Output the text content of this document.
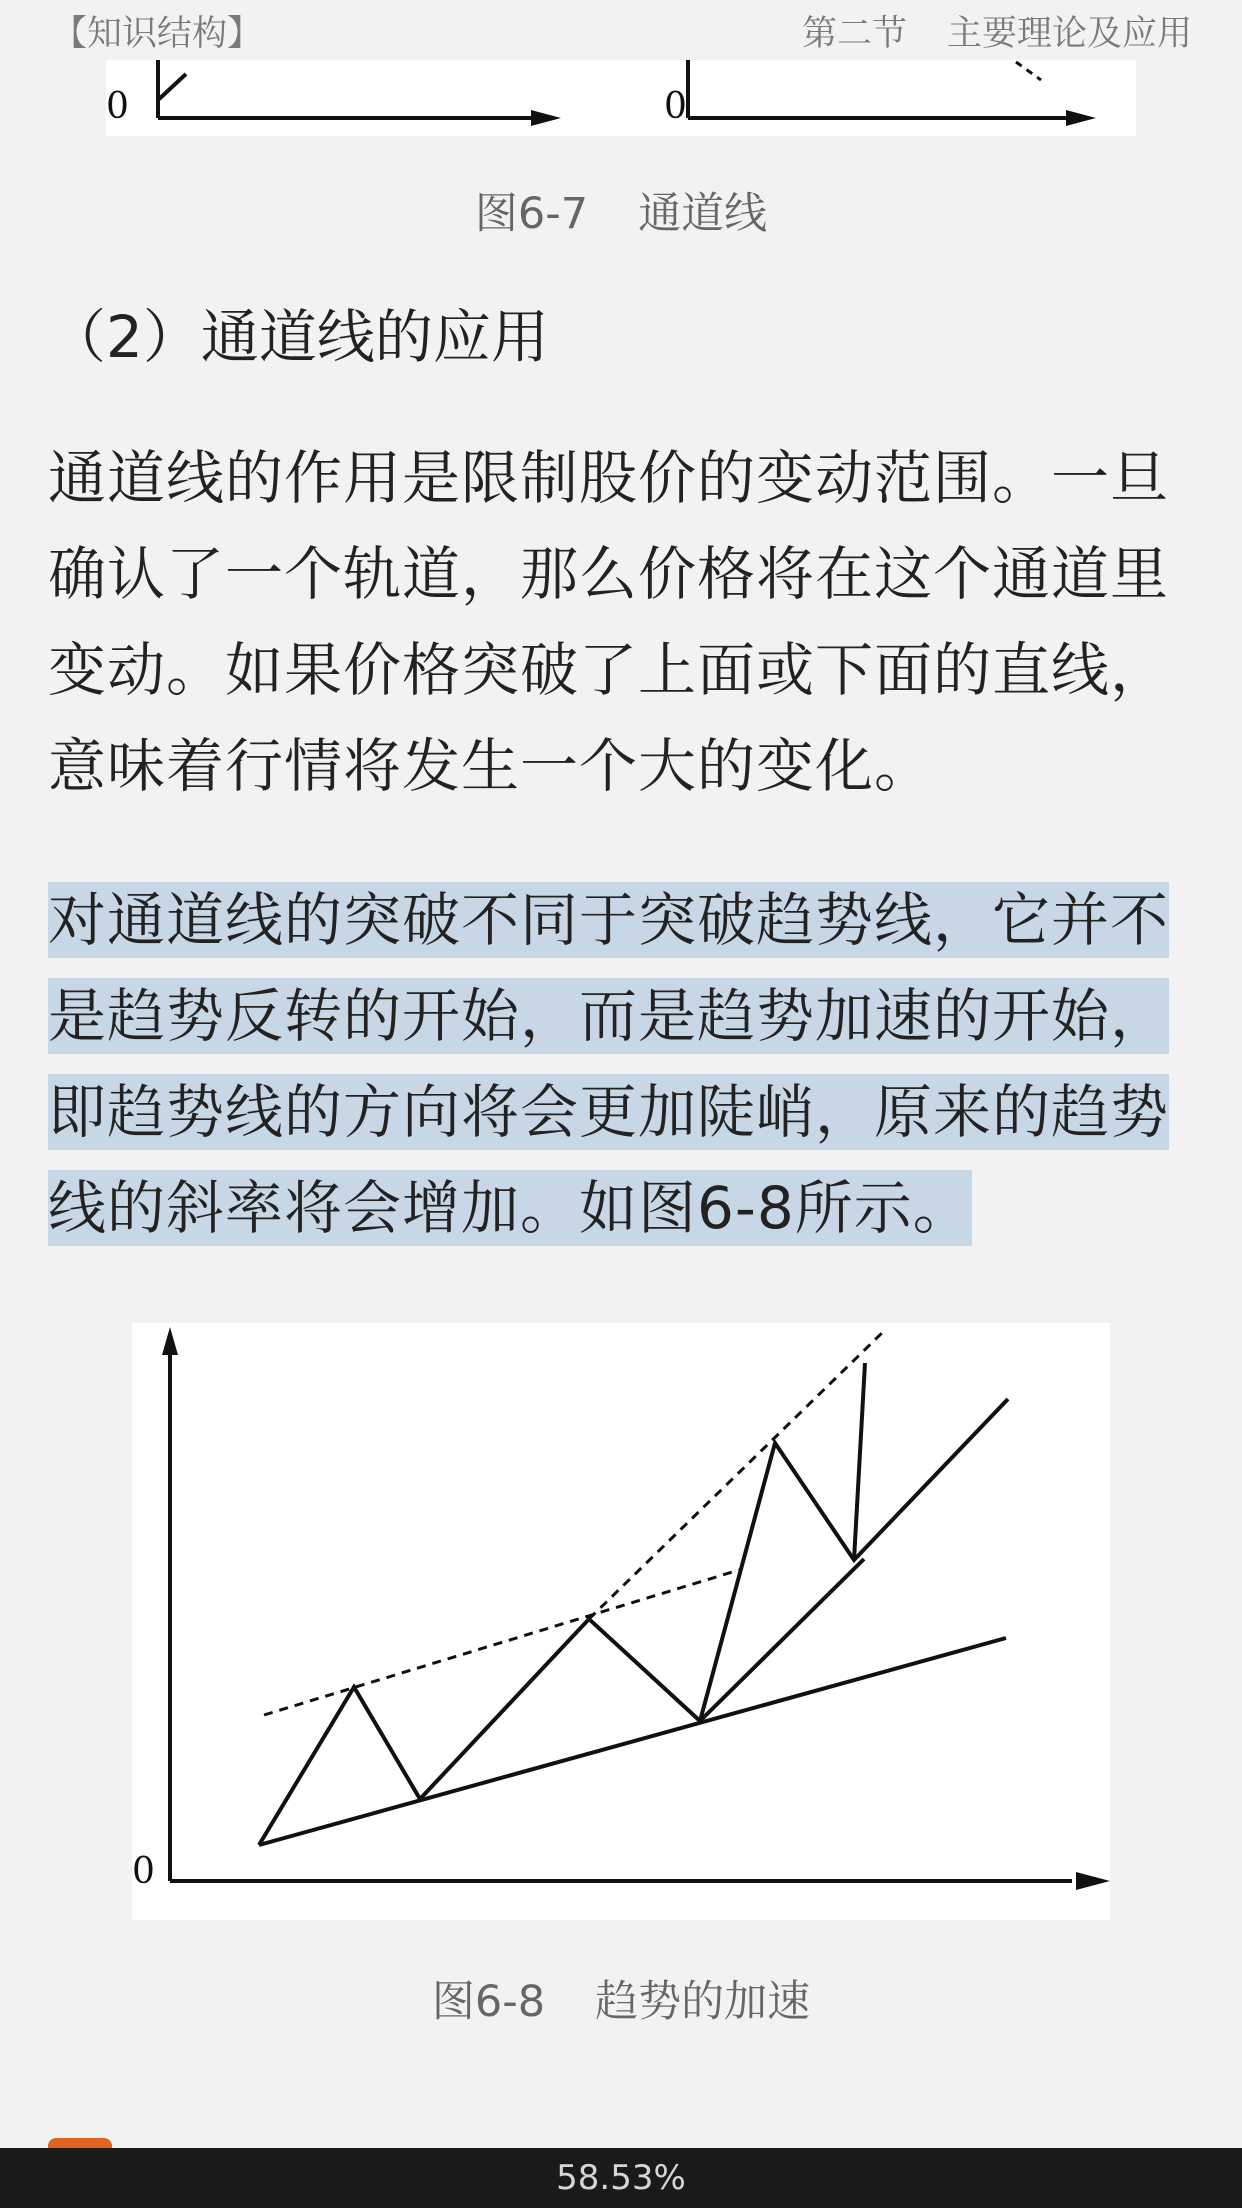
【知识结构】	第二节 主要理论及应用
0	0
图6-7 通道线
（2）通道线的应用
通道线的作用是限制股价的变动范围。一旦确认了一个轨道，那么价格将在这个通道里变动。如果价格突破了上面或下面的直线，意味着行情将发生一个大的变化。
对通道线的突破不同于突破趋势线，它并不是趋势反转的开始，而是趋势加速的开始，即趋势线的方向将会更加陡峭，原来的趋势线的斜率将会增加。如图6-8所示。
0
图6-8 趋势的加速
58.53%
